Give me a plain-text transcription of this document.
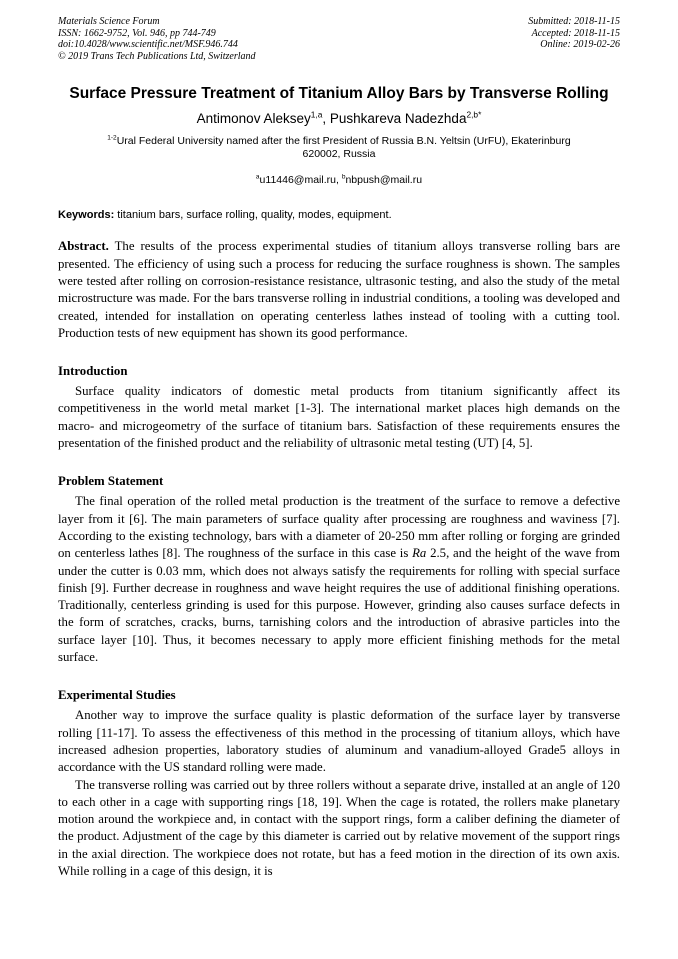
Materials Science Forum
ISSN: 1662-9752, Vol. 946, pp 744-749
doi:10.4028/www.scientific.net/MSF.946.744
© 2019 Trans Tech Publications Ltd, Switzerland
Submitted: 2018-11-15
Accepted: 2018-11-15
Online: 2019-02-26
Surface Pressure Treatment of Titanium Alloy Bars by Transverse Rolling
Antimonov Aleksey$^{1,a}$, Pushkareva Nadezhda$^{2,b*}$
$^{1-2}$Ural Federal University named after the first President of Russia B.N. Yeltsin (UrFU), Ekaterinburg 620002, Russia
$^a$u11446@mail.ru, $^b$nbpush@mail.ru
Keywords: titanium bars, surface rolling, quality, modes, equipment.
Abstract. The results of the process experimental studies of titanium alloys transverse rolling bars are presented. The efficiency of using such a process for reducing the surface roughness is shown. The samples were tested after rolling on corrosion-resistance resistance, ultrasonic testing, and also the study of the metal microstructure was made. For the bars transverse rolling in industrial conditions, a tooling was developed and created, intended for installation on operating centerless lathes instead of tooling with a cutting tool. Production tests of new equipment has shown its good performance.
Introduction

Surface quality indicators of domestic metal products from titanium significantly affect its competitiveness in the world metal market [1-3]. The international market places high demands on the macro- and microgeometry of the surface of titanium bars. Satisfaction of these requirements ensures the presentation of the finished product and the reliability of ultrasonic metal testing (UT) [4, 5].

Problem Statement

The final operation of the rolled metal production is the treatment of the surface to remove a defective layer from it [6]. The main parameters of surface quality after processing are roughness and waviness [7]. According to the existing technology, bars with a diameter of 20-250 mm after rolling or forging are grinded on centerless lathes [8]. The roughness of the surface in this case is Ra 2.5, and the height of the wave from under the cutter is 0.03 mm, which does not always satisfy the requirements for rolling with special surface finish [9]. Further decrease in roughness and wave height requires the use of additional finishing operations. Traditionally, centerless grinding is used for this purpose. However, grinding also causes surface defects in the form of scratches, cracks, burns, tarnishing colors and the introduction of abrasive particles into the surface layer [10]. Thus, it becomes necessary to apply more efficient finishing methods for the metal surface.

Experimental Studies

Another way to improve the surface quality is plastic deformation of the surface layer by transverse rolling [11-17]. To assess the effectiveness of this method in the processing of titanium alloys, which have increased adhesion properties, laboratory studies of aluminum and vanadium-alloyed Grade5 alloys in accordance with the US standard rolling were made.

The transverse rolling was carried out by three rollers without a separate drive, installed at an angle of 120 to each other in a cage with supporting rings [18, 19]. When the cage is rotated, the rollers make planetary motion around the workpiece and, in contact with the support rings, form a caliber defining the diameter of the product. Adjustment of the cage by this diameter is carried out by relative movement of the support rings in the axial direction. The workpiece does not rotate, but has a feed motion in the direction of its own axis. While rolling in a cage of this design, it is
